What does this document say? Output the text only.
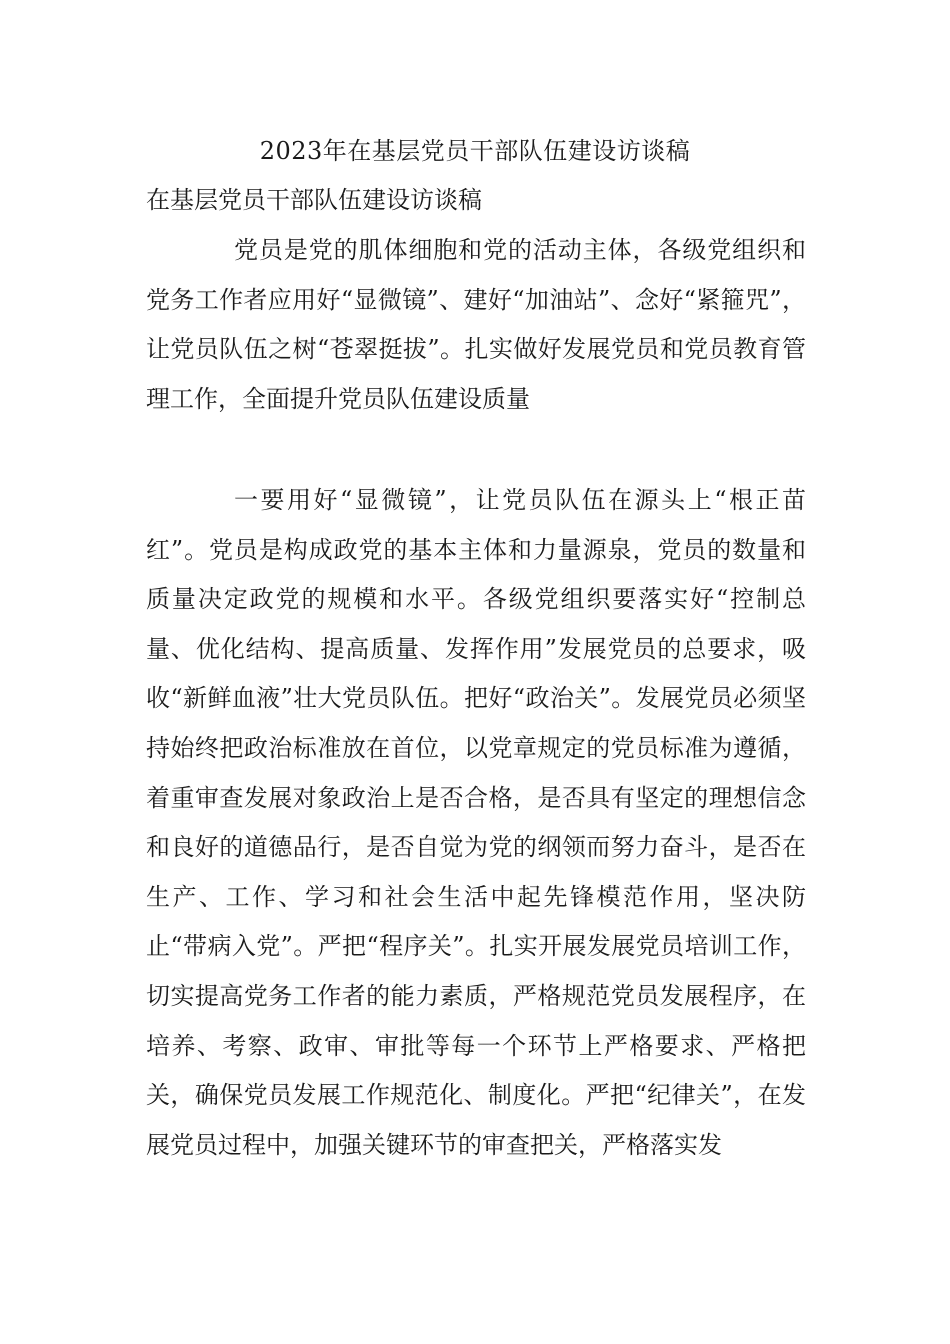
2023年在基层党员干部队伍建设访谈稿
在基层党员干部队伍建设访谈稿

党员是党的肌体细胞和党的活动主体，各级党组织和党务工作者应用好“显微镜”、建好“加油站”、念好“紧箍咒”，让党员队伍之树“苍翠挺拔”。扎实做好发展党员和党员教育管理工作，全面提升党员队伍建设质量

一要用好“显微镜”，让党员队伍在源头上“根正苗红”。党员是构成政党的基本主体和力量源泉，党员的数量和质量决定政党的规模和水平。各级党组织要落实好“控制总量、优化结构、提高质量、发挥作用”发展党员的总要求，吸收“新鲜血液”壮大党员队伍。把好“政治关”。发展党员必须坚持始终把政治标准放在首位，以党章规定的党员标准为遵循，着重审查发展对象政治上是否合格，是否具有坚定的理想信念和良好的道德品行，是否自觉为党的纲领而努力奋斗，是否在生产、工作、学习和社会生活中起先锋模范作用，坚决防止“带病入党”。严把“程序关”。扎实开展发展党员培训工作，切实提高党务工作者的能力素质，严格规范党员发展程序，在培养、考察、政审、审批等每一个环节上严格要求、严格把关，确保党员发展工作规范化、制度化。严把“纪律关”，在发展党员过程中，加强关键环节的审查把关，严格落实发
